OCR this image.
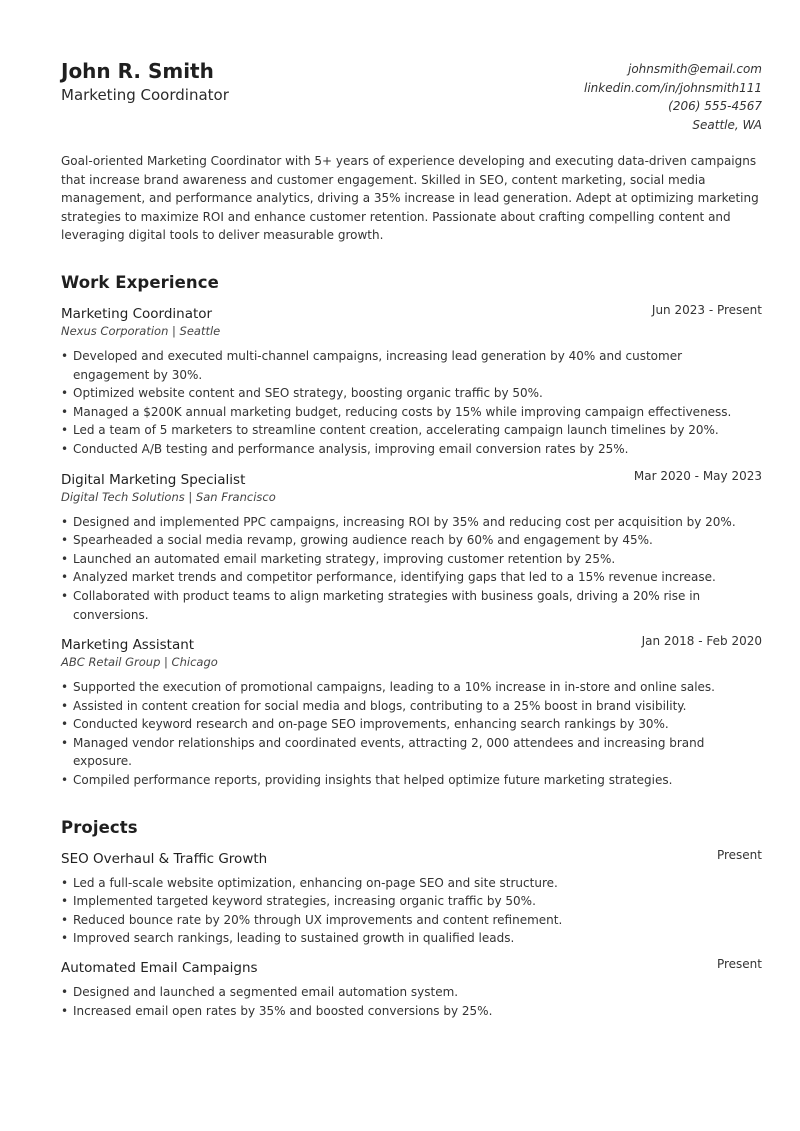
John R. Smith
Marketing Coordinator
johnsmith@email.com
linkedin.com/in/johnsmith111
(206) 555-4567
Seattle, WA
Goal-oriented Marketing Coordinator with 5+ years of experience developing and executing data-driven campaigns that increase brand awareness and customer engagement. Skilled in SEO, content marketing, social media management, and performance analytics, driving a 35% increase in lead generation. Adept at optimizing marketing strategies to maximize ROI and enhance customer retention. Passionate about crafting compelling content and leveraging digital tools to deliver measurable growth.
Work Experience
Marketing Coordinator	Jun 2023 - Present
Nexus Corporation | Seattle
• Developed and executed multi-channel campaigns, increasing lead generation by 40% and customer engagement by 30%.
• Optimized website content and SEO strategy, boosting organic traffic by 50%.
• Managed a $200K annual marketing budget, reducing costs by 15% while improving campaign effectiveness.
• Led a team of 5 marketers to streamline content creation, accelerating campaign launch timelines by 20%.
• Conducted A/B testing and performance analysis, improving email conversion rates by 25%.
Digital Marketing Specialist	Mar 2020 - May 2023
Digital Tech Solutions | San Francisco
• Designed and implemented PPC campaigns, increasing ROI by 35% and reducing cost per acquisition by 20%.
• Spearheaded a social media revamp, growing audience reach by 60% and engagement by 45%.
• Launched an automated email marketing strategy, improving customer retention by 25%.
• Analyzed market trends and competitor performance, identifying gaps that led to a 15% revenue increase.
• Collaborated with product teams to align marketing strategies with business goals, driving a 20% rise in conversions.
Marketing Assistant	Jan 2018 - Feb 2020
ABC Retail Group | Chicago
• Supported the execution of promotional campaigns, leading to a 10% increase in in-store and online sales.
• Assisted in content creation for social media and blogs, contributing to a 25% boost in brand visibility.
• Conducted keyword research and on-page SEO improvements, enhancing search rankings by 30%.
• Managed vendor relationships and coordinated events, attracting 2, 000 attendees and increasing brand exposure.
• Compiled performance reports, providing insights that helped optimize future marketing strategies.
Projects
SEO Overhaul & Traffic Growth	Present
• Led a full-scale website optimization, enhancing on-page SEO and site structure.
• Implemented targeted keyword strategies, increasing organic traffic by 50%.
• Reduced bounce rate by 20% through UX improvements and content refinement.
• Improved search rankings, leading to sustained growth in qualified leads.
Automated Email Campaigns	Present
• Designed and launched a segmented email automation system.
• Increased email open rates by 35% and boosted conversions by 25%.
